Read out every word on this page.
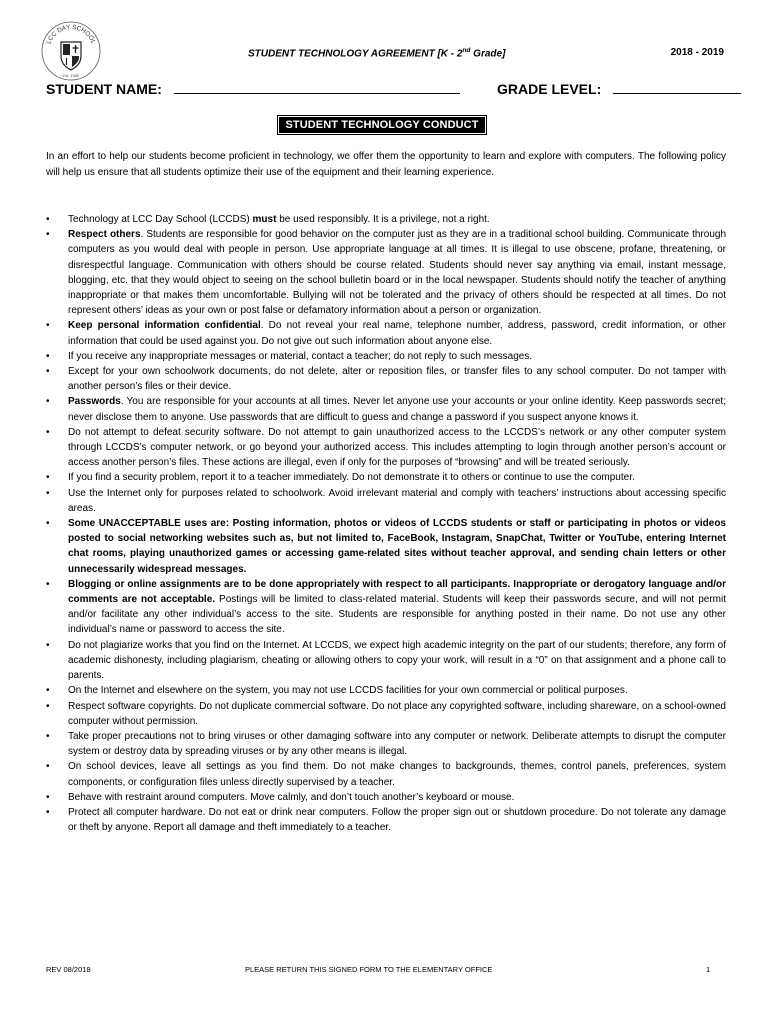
LCC DAY SCHOOL
Est. 1985
STUDENT TECHNOLOGY AGREEMENT [K - 2nd Grade]	2018 - 2019
STUDENT NAME:	GRADE LEVEL:
STUDENT TECHNOLOGY CONDUCT

In an effort to help our students become proficient in technology, we offer them the opportunity to learn and explore with computers. The following policy will help us ensure that all students optimize their use of the equipment and their learning experience.

• Technology at LCC Day School (LCCDS) must be used responsibly. It is a privilege, not a right.
• Respect others. Students are responsible for good behavior on the computer just as they are in a traditional school building. Communicate through computers as you would deal with people in person. Use appropriate language at all times. It is illegal to use obscene, profane, threatening, or disrespectful language. Communication with others should be course related. Students should never say anything via email, instant message, blogging, etc. that they would object to seeing on the school bulletin board or in the local newspaper. Students should notify the teacher of anything inappropriate or that makes them uncomfortable. Bullying will not be tolerated and the privacy of others should be respected at all times. Do not represent others’ ideas as your own or post false or defamatory information about a person or organization.
• Keep personal information confidential. Do not reveal your real name, telephone number, address, password, credit information, or other information that could be used against you. Do not give out such information about anyone else.
• If you receive any inappropriate messages or material, contact a teacher; do not reply to such messages.
• Except for your own schoolwork documents, do not delete, alter or reposition files, or transfer files to any school computer. Do not tamper with another person’s files or their device.
• Passwords. You are responsible for your accounts at all times. Never let anyone use your accounts or your online identity. Keep passwords secret; never disclose them to anyone. Use passwords that are difficult to guess and change a password if you suspect anyone knows it.
• Do not attempt to defeat security software. Do not attempt to gain unauthorized access to the LCCDS’s network or any other computer system through LCCDS’s computer network, or go beyond your authorized access. This includes attempting to login through another person’s account or access another person’s files. These actions are illegal, even if only for the purposes of “browsing” and will be treated seriously.
• If you find a security problem, report it to a teacher immediately. Do not demonstrate it to others or continue to use the computer.
• Use the Internet only for purposes related to schoolwork. Avoid irrelevant material and comply with teachers’ instructions about accessing specific areas.
• Some UNACCEPTABLE uses are: Posting information, photos or videos of LCCDS students or staff or participating in photos or videos posted to social networking websites such as, but not limited to, FaceBook, Instagram, SnapChat, Twitter or YouTube, entering Internet chat rooms, playing unauthorized games or accessing game-related sites without teacher approval, and sending chain letters or other unnecessarily widespread messages.
• Blogging or online assignments are to be done appropriately with respect to all participants. Inappropriate or derogatory language and/or comments are not acceptable. Postings will be limited to class-related material. Students will keep their passwords secure, and will not permit and/or facilitate any other individual’s access to the site. Students are responsible for anything posted in their name. Do not use any other individual’s name or password to access the site.
• Do not plagiarize works that you find on the Internet. At LCCDS, we expect high academic integrity on the part of our students; therefore, any form of academic dishonesty, including plagiarism, cheating or allowing others to copy your work, will result in a “0” on that assignment and a phone call to parents.
• On the Internet and elsewhere on the system, you may not use LCCDS facilities for your own commercial or political purposes.
• Respect software copyrights. Do not duplicate commercial software. Do not place any copyrighted software, including shareware, on a school-owned computer without permission.
• Take proper precautions not to bring viruses or other damaging software into any computer or network. Deliberate attempts to disrupt the computer system or destroy data by spreading viruses or by any other means is illegal.
• On school devices, leave all settings as you find them. Do not make changes to backgrounds, themes, control panels, preferences, system components, or configuration files unless directly supervised by a teacher.
• Behave with restraint around computers. Move calmly, and don’t touch another’s keyboard or mouse.
• Protect all computer hardware. Do not eat or drink near computers. Follow the proper sign out or shutdown procedure. Do not tolerate any damage or theft by anyone. Report all damage and theft immediately to a teacher.
REV 08/2018	PLEASE RETURN THIS SIGNED FORM TO THE ELEMENTARY OFFICE	1
